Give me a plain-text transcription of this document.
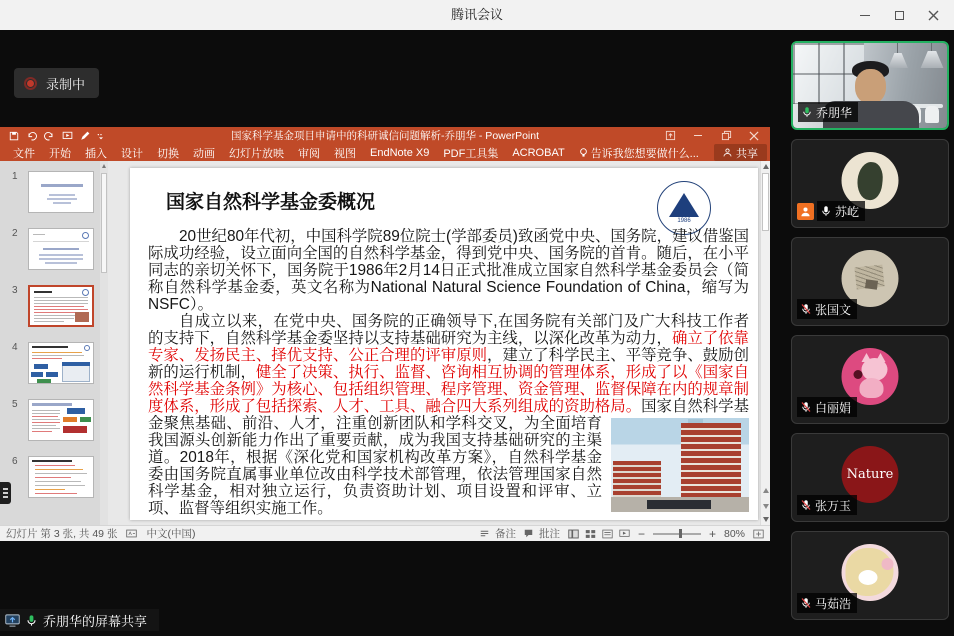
腾讯会议
录制中
国家科学基金项目申请中的科研诚信问题解析-乔朋华 - PowerPoint
文件	开始	插入	设计	切换	动画	幻灯片放映	审阅	视图	EndNote X9	PDF工具集	ACROBAT	告诉我您想要做什么...	共享
1
2
3
4
5
6
国家自然科学基金委概况
1986

20世纪80年代初，中国科学院89位院士(学部委员)致函党中央、国务院，建议借鉴国际成功经验，设立面向全国的自然科学基金，得到党中央、国务院的首肯。随后，在小平同志的亲切关怀下，国务院于1986年2月14日正式批准成立国家自然科学基金委员会（简称自然科学基金委，英文名称为National Natural Science Foundation of China，缩写为NSFC）。

自成立以来，在党中央、国务院的正确领导下,在国务院有关部门及广大科技工作者的支持下，自然科学基金委坚持以支持基础研究为主线，以深化改革为动力，确立了依靠专家、发扬民主、择优支持、公正合理的评审原则，建立了科学民主、平等竞争、鼓励创新的运行机制，健全了决策、执行、监督、咨询相互协调的管理体系，形成了以《国家自然科学基金条例》为核心、包括组织管理、程序管理、资金管理、监督保障在内的规章制度体系，形成了包括探索、人才、工具、融合四大系列组成的资助格局。
国家自然科学基金聚焦基础、前沿、人才，注重创新团队和学科交叉，为全面培育我国源头创新能力作出了重要贡献，成为我国支持基础研究的主渠道。2018年，根据《深化党和国家机构改革方案》，自然科学基金委由国务院直属事业单位改由科学技术部管理，依法管理国家自然科学基金，相对独立运行，负责资助计划、项目设置和评审、立项、监督等组织实施工作。

幻灯片 第 3 张, 共 49 张	中文(中国)	备注 批注	−	+ 80%
乔朋华的屏幕共享
乔朋华
苏屹
张国文
白丽娟
Nature
张万玉
马茹浩
